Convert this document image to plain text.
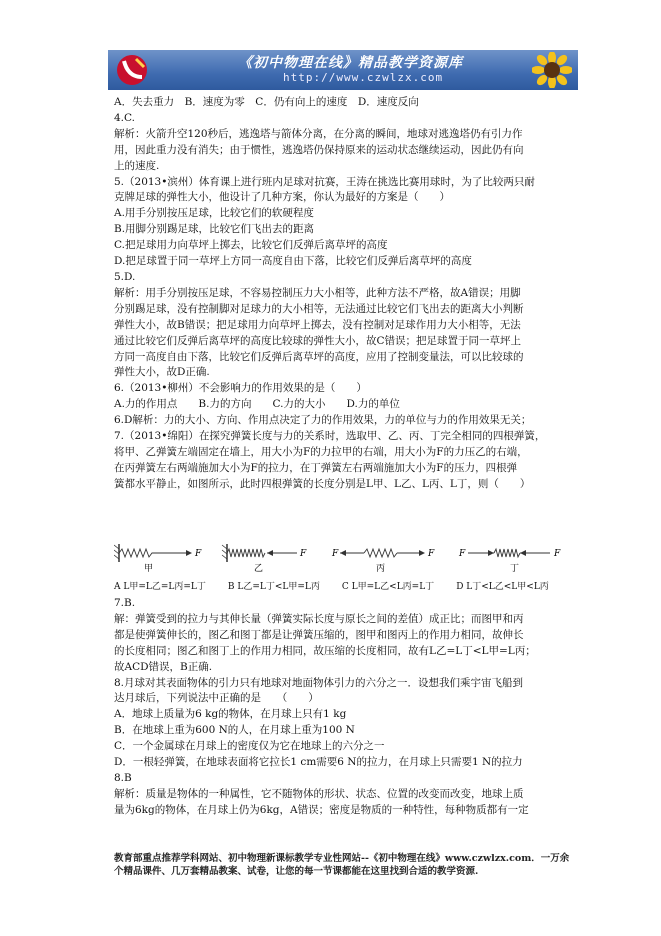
《初中物理在线》精品教学资源库
http://www.czwlzx.com

A．失去重力　B．速度为零　C．仍有向上的速度　D．速度反向

4.C.

解析：火箭升空120秒后，逃逸塔与箭体分离，在分离的瞬间，地球对逃逸塔仍有引力作

用，因此重力没有消失；由于惯性，逃逸塔仍保持原来的运动状态继续运动，因此仍有向

上的速度.

5.（2013•滨州）体育课上进行班内足球对抗赛，王涛在挑选比赛用球时，为了比较两只耐

克牌足球的弹性大小，他设计了几种方案，你认为最好的方案是（　　）

A.用手分别按压足球，比较它们的软硬程度

B.用脚分别踢足球，比较它们飞出去的距离

C.把足球用力向草坪上掷去，比较它们反弹后离草坪的高度

D.把足球置于同一草坪上方同一高度自由下落，比较它们反弹后离草坪的高度

5.D.

解析：用手分别按压足球，不容易控制压力大小相等，此种方法不严格，故A错误；用脚

分别踢足球，没有控制脚对足球力的大小相等，无法通过比较它们飞出去的距离大小判断

弹性大小，故B错误；把足球用力向草坪上掷去，没有控制对足球作用力大小相等，无法

通过比较它们反弹后离草坪的高度比较球的弹性大小，故C错误；把足球置于同一草坪上

方同一高度自由下落，比较它们反弹后离草坪的高度，应用了控制变量法，可以比较球的

弹性大小，故D正确.

6.（2013•柳州）不会影响力的作用效果的是（　　）

A.力的作用点　　B.力的方向　　C.力的大小　　D.力的单位

6.D解析：力的大小、方向、作用点决定了力的作用效果，力的单位与力的作用效果无关；

7.（2013•绵阳）在探究弹簧长度与力的关系时，选取甲、乙、丙、丁完全相同的四根弹簧，

将甲、乙弹簧左端固定在墙上，用大小为F的力拉甲的右端，用大小为F的力压乙的右端，

在丙弹簧左右两端施加大小为F的拉力，在丁弹簧左右两端施加大小为F的压力，四根弹

簧都水平静止，如图所示，此时四根弹簧的长度分别是L甲、L乙、L丙、L丁，则（　　）

F
甲
F
乙
F	F
丙
F	F
丁

A L甲=L乙=L丙=L丁 B L乙=L丁<L甲=L丙 C L甲=L乙<L丙=L丁 D L丁<L乙<L甲<L丙

7.B.

解：弹簧受到的拉力与其伸长量（弹簧实际长度与原长之间的差值）成正比；而图甲和丙

都是使弹簧伸长的，图乙和图丁都是让弹簧压缩的，图甲和图丙上的作用力相同，故伸长

的长度相同；图乙和图丁上的作用力相同，故压缩的长度相同，故有L乙=L丁<L甲=L丙；

故ACD错误，B正确.

8.月球对其表面物体的引力只有地球对地面物体引力的六分之一．设想我们乘宇宙飞船到

达月球后，下列说法中正确的是　　（　　）

A．地球上质量为6 kg的物体，在月球上只有1 kg

B．在地球上重为600 N的人，在月球上重为100 N

C．一个金属球在月球上的密度仅为它在地球上的六分之一

D．一根轻弹簧，在地球表面将它拉长1 cm需要6 N的拉力，在月球上只需要1 N的拉力

8.B

解析：质量是物体的一种属性，它不随物体的形状、状态、位置的改变而改变，地球上质

量为6kg的物体，在月球上仍为6kg，A错误；密度是物质的一种特性，每种物质都有一定

教育部重点推荐学科网站、初中物理新课标教学专业性网站--《初中物理在线》www.czwlzx.com．一万余

个精品课件、几万套精品教案、试卷，让您的每一节课都能在这里找到合适的教学资源.
